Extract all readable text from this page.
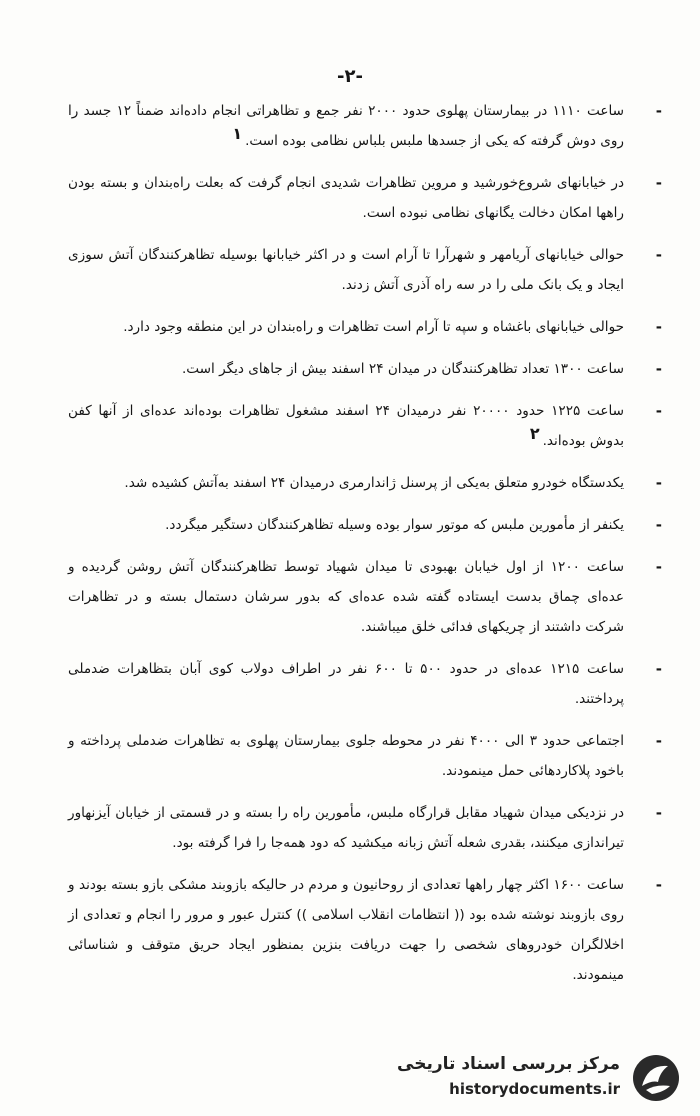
-۲-
-
ساعت ۱۱۱۰ در بیمارستان پهلوی حدود ۲۰۰۰ نفر جمع و تظاهراتی انجام داده‌اند ضمناً ۱۲ جسد را روی دوش گرفته که یکی از جسدها ملبس بلباس نظامی بوده است.۱
-
در خیابانهای شروع‌خورشید و مروین تظاهرات شدیدی انجام گرفت که بعلت راه‌بندان و بسته بودن راهها امکان دخالت یگانهای نظامی نبوده است.
-
حوالی خیابانهای آریامهر و شهرآرا تا آرام است و در اکثر خیابانها بوسیله تظاهرکنندگان آتش سوزی ایجاد و یک بانک ملی را در سه راه آذری آتش زدند.
-
حوالی خیابانهای باغشاه و سپه تا آرام است تظاهرات و راه‌بندان در این منطقه وجود دارد.
-
ساعت ۱۳۰۰ تعداد تظاهرکنندگان در میدان ۲۴ اسفند بیش از جاهای دیگر است.
-
ساعت ۱۲۲۵ حدود ۲۰۰۰۰ نفر درمیدان ۲۴ اسفند مشغول تظاهرات بوده‌اند عده‌ای از آنها کفن بدوش بوده‌اند.۲
-
یکدستگاه خودرو متعلق به‌یکی از پرسنل ژاندارمری درمیدان ۲۴ اسفند به‌آتش کشیده شد.
-
یکنفر از مأمورین ملبس که موتور سوار بوده وسیله تظاهرکنندگان دستگیر میگردد.
-
ساعت ۱۲۰۰ از اول خیابان بهبودی تا میدان شهیاد توسط تظاهرکنندگان آتش روشن گردیده و عده‌ای چماق بدست ایستاده گفته شده عده‌ای که بدور سرشان دستمال بسته و در تظاهرات شرکت داشتند از چریکهای فدائی خلق میباشند.
-
ساعت ۱۲۱۵ عده‌ای در حدود ۵۰۰ تا ۶۰۰ نفر در اطراف دولاب کوی آبان بتظاهرات ضدملی پرداختند.
-
اجتماعی حدود ۳ الی ۴۰۰۰ نفر در محوطه جلوی بیمارستان پهلوی به تظاهرات ضدملی پرداخته و باخود پلاکاردهائی حمل مینمودند.
-
در نزدیکی میدان شهیاد مقابل قرارگاه ملبس، مأمورین راه را بسته و در قسمتی از خیابان آیزنهاور تیراندازی میکنند، بقدری شعله آتش زبانه میکشید که دود همه‌جا را فرا گرفته بود.
-
ساعت ۱۶۰۰ اکثر چهار راهها تعدادی از روحانیون و مردم در حالیکه بازوبند مشکی بازو بسته بودند و روی بازوبند نوشته شده بود (( انتظامات انقلاب اسلامی )) کنترل عبور و مرور را انجام و تعدادی از اخلالگران خودروهای شخصی را جهت دریافت بنزین بمنظور ایجاد حریق متوقف و شناسائی مینمودند.
مرکز بررسی اسناد تاریخی
historydocuments.ir
